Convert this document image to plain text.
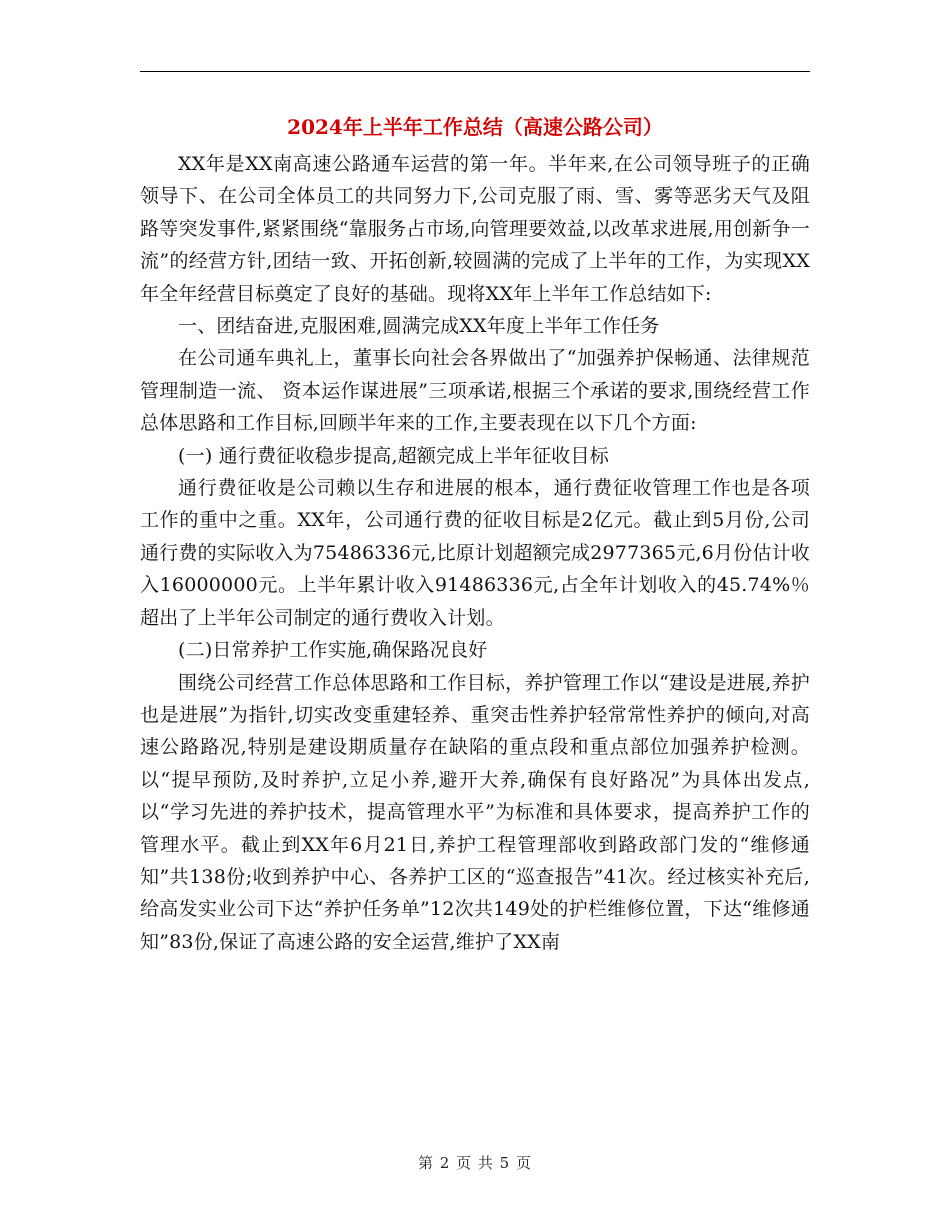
2024年上半年工作总结（高速公路公司）

XX年是XX南高速公路通车运营的第一年。半年来,在公司领导班子的正确领导下、在公司全体员工的共同努力下,公司克服了雨、雪、雾等恶劣天气及阻路等突发事件,紧紧围绕“靠服务占市场,向管理要效益,以改革求进展,用创新争一流”的经营方针,团结一致、开拓创新,较圆满的完成了上半年的工作，为实现XX年全年经营目标奠定了良好的基础。现将XX年上半年工作总结如下:

一、团结奋进,克服困难,圆满完成XX年度上半年工作任务

在公司通车典礼上，董事长向社会各界做出了“加强养护保畅通、法律规范管理制造一流、 资本运作谋进展”三项承诺,根据三个承诺的要求,围绕经营工作总体思路和工作目标,回顾半年来的工作,主要表现在以下几个方面:

(一) 通行费征收稳步提高,超额完成上半年征收目标

通行费征收是公司赖以生存和进展的根本，通行费征收管理工作也是各项工作的重中之重。XX年，公司通行费的征收目标是2亿元。截止到5月份,公司通行费的实际收入为75486336元,比原计划超额完成2977365元,6月份估计收入16000000元。上半年累计收入91486336元,占全年计划收入的45.74%％超出了上半年公司制定的通行费收入计划。

(二)日常养护工作实施,确保路况良好

围绕公司经营工作总体思路和工作目标，养护管理工作以“建设是进展,养护也是进展”为指针,切实改变重建轻养、重突击性养护轻常常性养护的倾向,对高速公路路况,特别是建设期质量存在缺陷的重点段和重点部位加强养护检测。以“提早预防,及时养护,立足小养,避开大养,确保有良好路况”为具体出发点,以“学习先进的养护技术，提高管理水平”为标准和具体要求，提高养护工作的管理水平。截止到XX年6月21日,养护工程管理部收到路政部门发的“维修通知”共138份;收到养护中心、各养护工区的“巡查报告”41次。经过核实补充后,给高发实业公司下达“养护任务单”12次共149处的护栏维修位置，下达“维修通知”83份,保证了高速公路的安全运营,维护了XX南

第 2 页 共 5 页
